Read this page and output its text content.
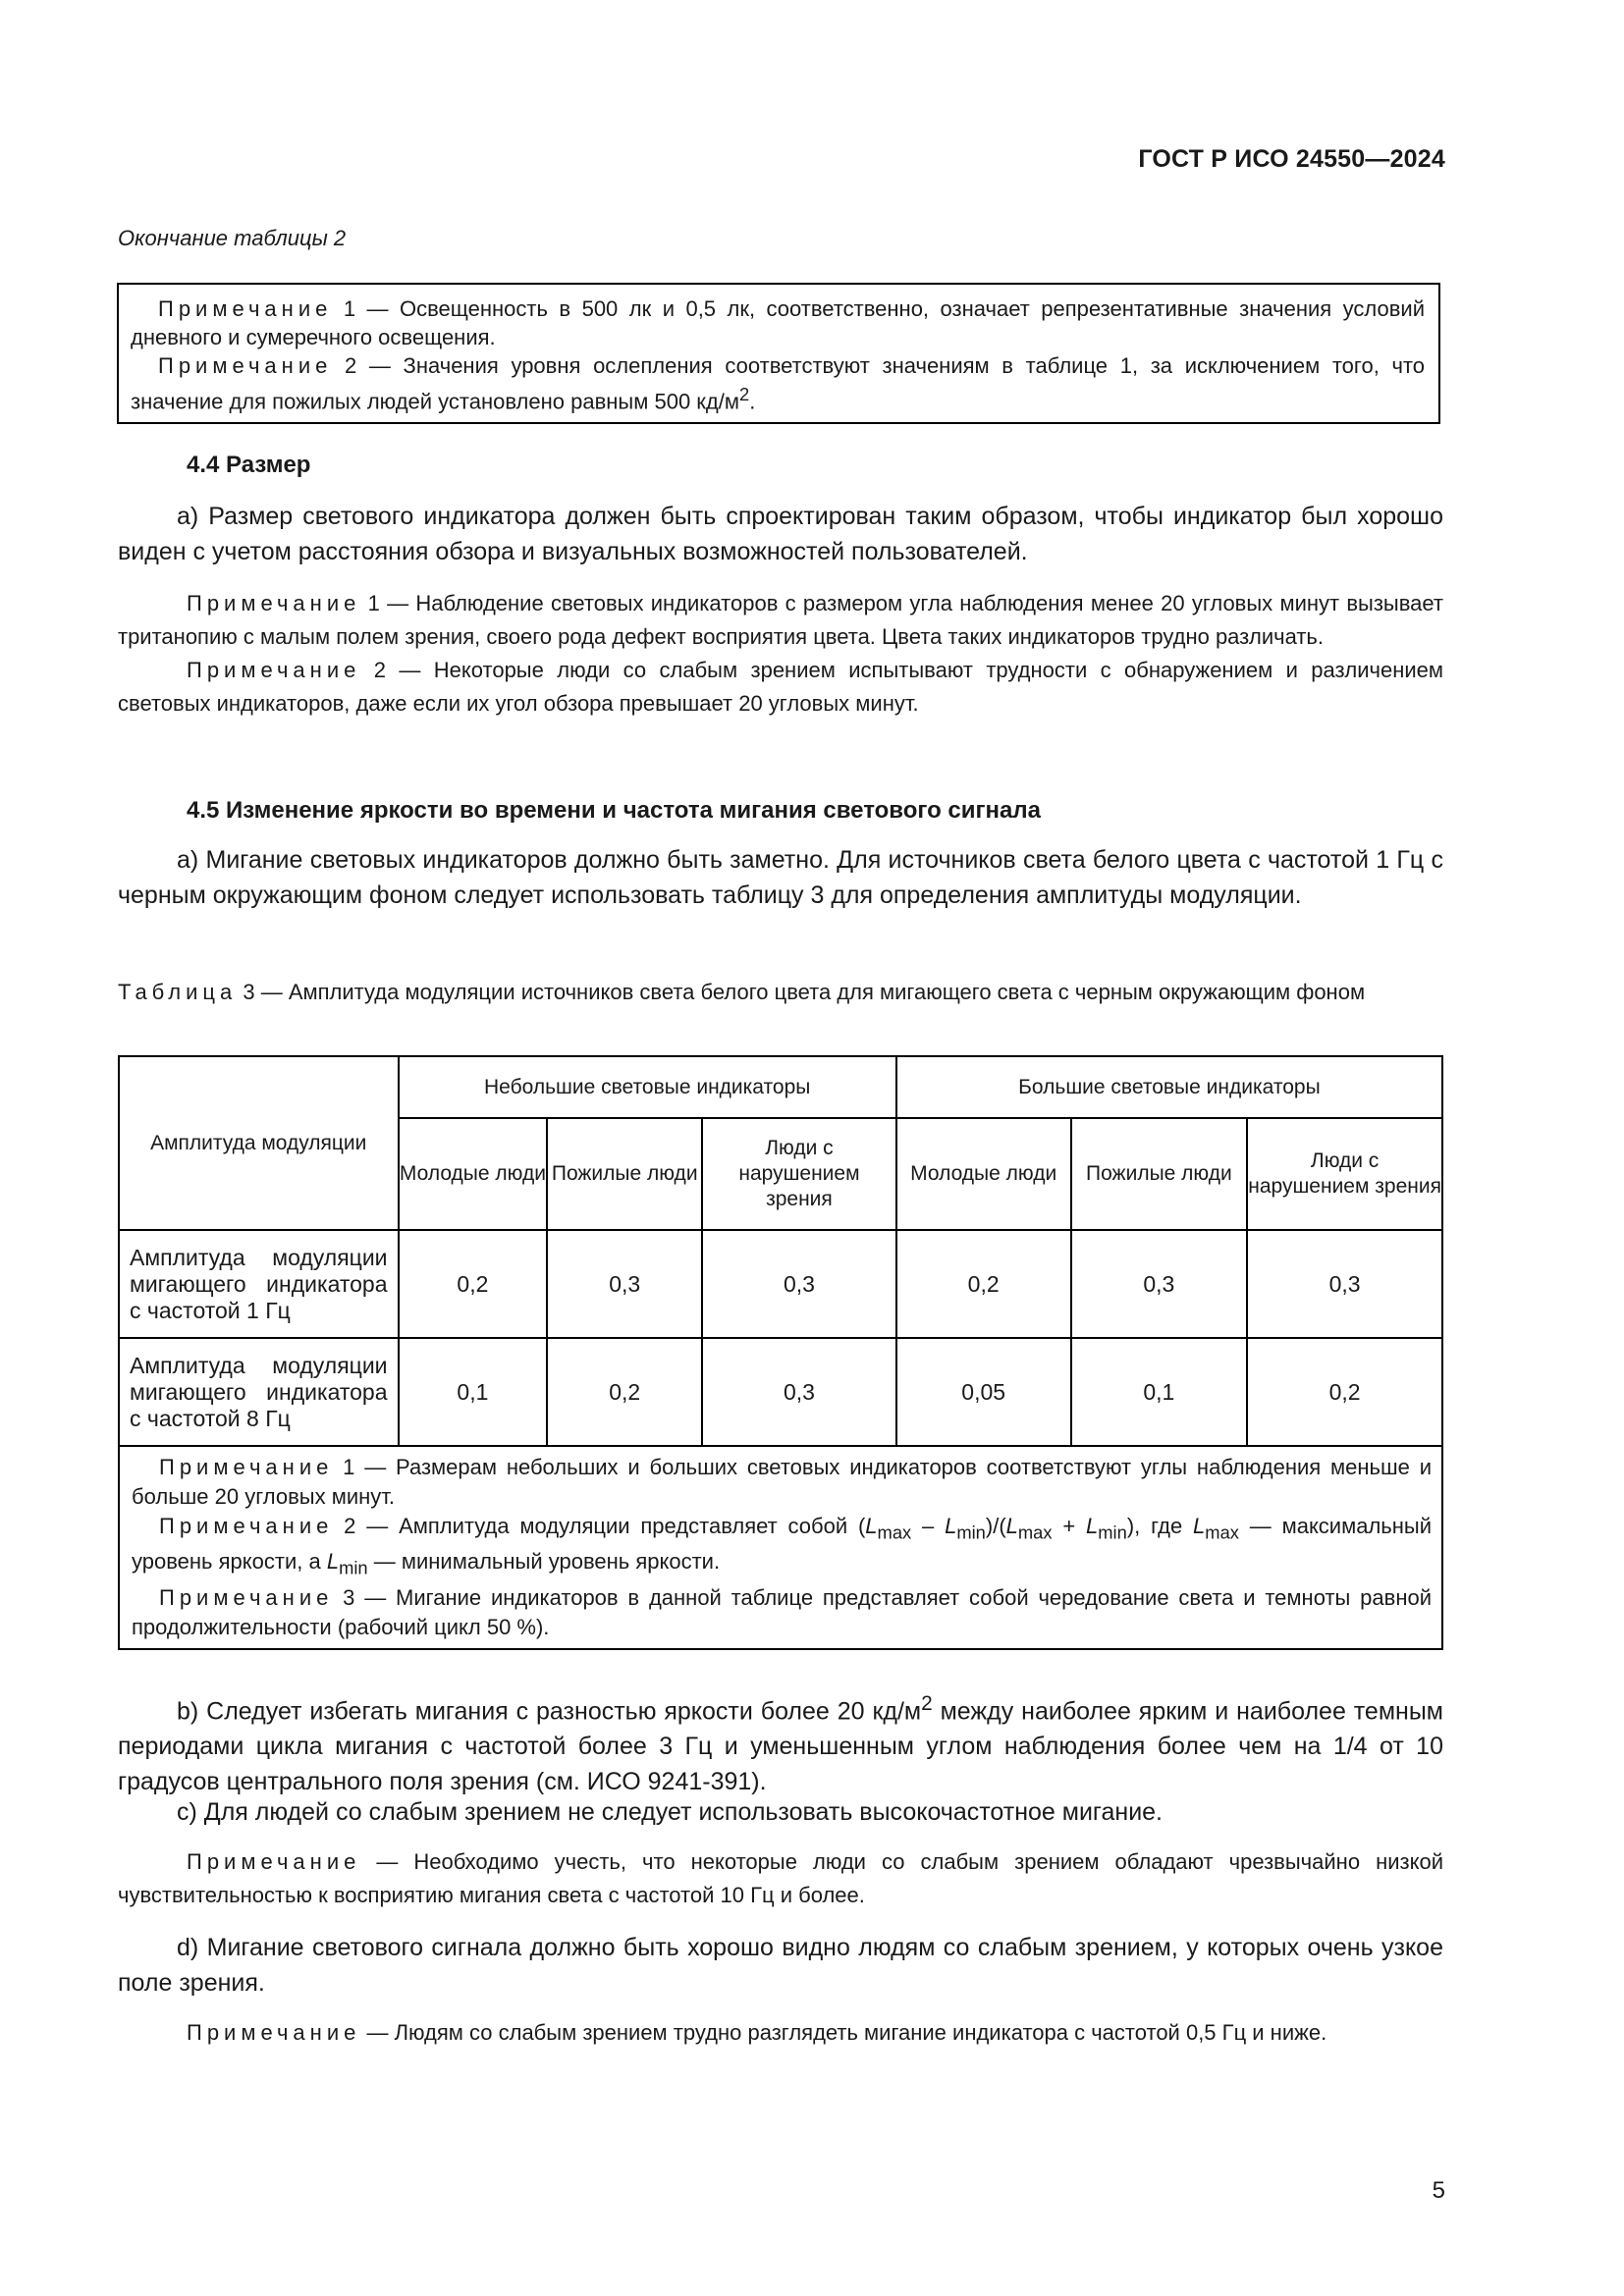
ГОСТ Р ИСО 24550—2024
Окончание таблицы 2

Примечание 1 — Освещенность в 500 лк и 0,5 лк, соответственно, означает репрезентативные значения условий дневного и сумеречного освещения.

Примечание 2 — Значения уровня ослепления соответствуют значениям в таблице 1, за исключением того, что значение для пожилых людей установлено равным 500 $кд/м^2$.

4.4 Размер

а) Размер светового индикатора должен быть спроектирован таким образом, чтобы индикатор был хорошо виден с учетом расстояния обзора и визуальных возможностей пользователей.

Примечание 1 — Наблюдение световых индикаторов с размером угла наблюдения менее 20 угловых минут вызывает тританопию с малым полем зрения, своего рода дефект восприятия цвета. Цвета таких индикаторов трудно различать.

Примечание 2 — Некоторые люди со слабым зрением испытывают трудности с обнаружением и различением световых индикаторов, даже если их угол обзора превышает 20 угловых минут.

4.5 Изменение яркости во времени и частота мигания светового сигнала

а) Мигание световых индикаторов должно быть заметно. Для источников света белого цвета с частотой 1 Гц с черным окружающим фоном следует использовать таблицу 3 для определения амплитуды модуляции.

Таблица 3 — Амплитуда модуляции источников света белого цвета для мигающего света с черным окружающим фоном

Амплитуда модуляции	Небольшие световые индикаторы			Большие световые индикаторы		
	Молодые люди	Пожилые люди	Люди с нарушением зрения	Молодые люди	Пожилые люди	Люди с нарушением зрения
Амплитуда модуляции мигающего индикатора с частотой 1 Гц	0,2	0,3	0,3	0,2	0,3	0,3
Амплитуда модуляции мигающего индикатора с частотой 8 Гц	0,1	0,2	0,3	0,05	0,1	0,2

Примечание 1 — Размерам небольших и больших световых индикаторов соответствуют углы наблюдения меньше и больше 20 угловых минут.

Примечание 2 — Амплитуда модуляции представляет собой $(L_{max} - L_{min})/(L_{max} + L_{min})$, где $L_{max}$ — максимальный уровень яркости, а $L_{min}$ — минимальный уровень яркости.

Примечание 3 — Мигание индикаторов в данной таблице представляет собой чередование света и темноты равной продолжительности (рабочий цикл 50 %).						

b) Следует избегать мигания с разностью яркости более 20 $кд/м^2$ между наиболее ярким и наиболее темным периодами цикла мигания с частотой более 3 Гц и уменьшенным углом наблюдения более чем на 1/4 от 10 градусов центрального поля зрения (см. ИСО 9241-391).

c) Для людей со слабым зрением не следует использовать высокочастотное мигание.

Примечание — Необходимо учесть, что некоторые люди со слабым зрением обладают чрезвычайно низкой чувствительностью к восприятию мигания света с частотой 10 Гц и более.

d) Мигание светового сигнала должно быть хорошо видно людям со слабым зрением, у которых очень узкое поле зрения.

Примечание — Людям со слабым зрением трудно разглядеть мигание индикатора с частотой 0,5 Гц и ниже.

5
